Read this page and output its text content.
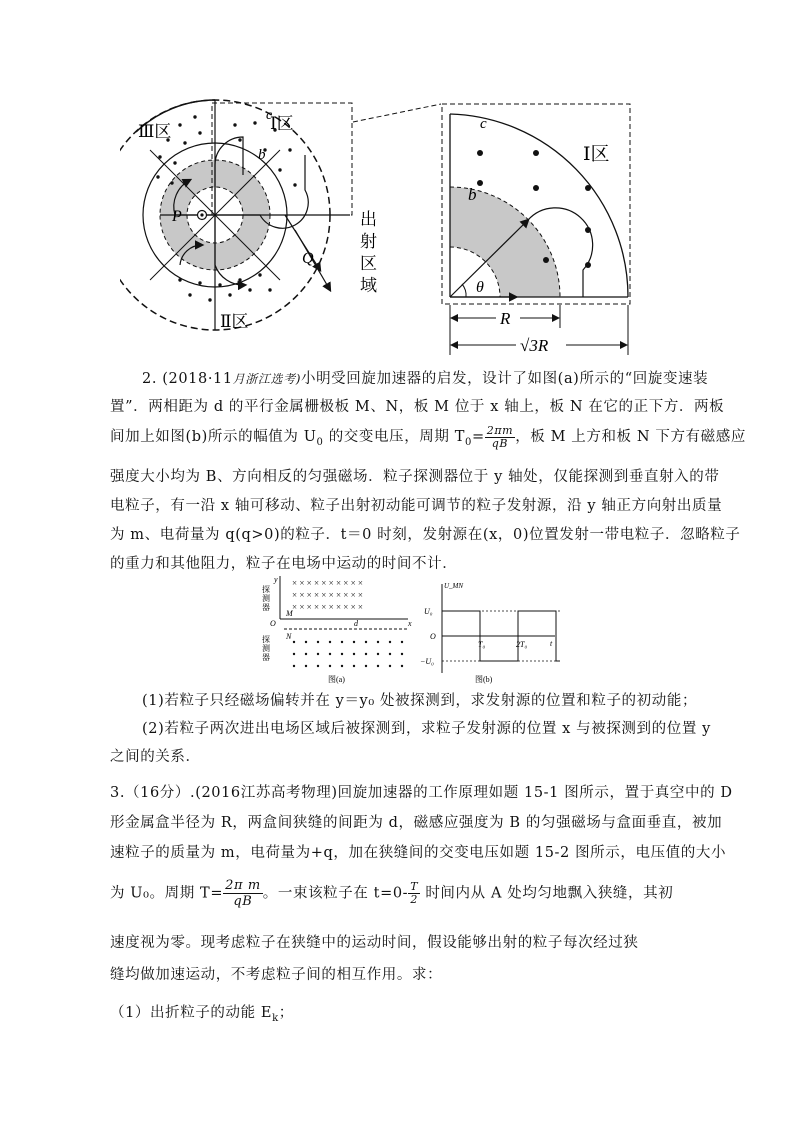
Ⅲ区	Ⅰ区
Ⅱ区
c
b
P
Q
出
射
区
域
c
Ⅰ区
b
θ
R
√3R
2. (2018·11月浙江选考)小明受回旋加速器的启发，设计了如图(a)所示的“回旋变速装
置”．两相距为 d 的平行金属栅极板 M、N，板 M 位于 x 轴上，板 N 在它的正下方．两板
间加上如图(b)所示的幅值为 $U_0$ 的交变电压，周期 $T_0= \frac{2\pi m}{qB}$ ，板 M 上方和板 N 下方有磁感应
强度大小均为 B、方向相反的匀强磁场．粒子探测器位于 y 轴处，仅能探测到垂直射入的带
电粒子，有一沿 x 轴可移动、粒子出射初动能可调节的粒子发射源，沿 y 轴正方向射出质量
为 m、电荷量为 q(q>0)的粒子．t＝0 时刻，发射源在(x，0)位置发射一带电粒子．忽略粒子
的重力和其他阻力，粒子在电场中运动的时间不计．
× × × × × × × × × ×
× × × × × × × × × ×
× × × × × × × × × ×
y
x
O
M
N
d
探
测
器
探
测
器
图(a)
U_MN
U₀
O
−U₀
T₀	2T₀	t
图(b)
(1)若粒子只经磁场偏转并在 y＝y₀ 处被探测到，求发射源的位置和粒子的初动能；
(2)若粒子两次进出电场区域后被探测到，求粒子发射源的位置 x 与被探测到的位置 y
之间的关系．
3.（16分）.(2016江苏高考物理)回旋加速器的工作原理如题 15-1 图所示，置于真空中的 D
形金属盒半径为 R，两盒间狭缝的间距为 d，磁感应强度为 B 的匀强磁场与盒面垂直，被加
速粒子的质量为 m，电荷量为+q，加在狭缝间的交变电压如题 15-2 图所示，电压值的大小
为 U₀。周期 $T= \frac{\text{2π m}}{qB}$ 。一束该粒子在 $t=0- \frac{T}{2}$ 时间内从 A 处均匀地飘入狭缝，其初
速度视为零。现考虑粒子在狭缝中的运动时间，假设能够出射的粒子每次经过狭
缝均做加速运动，不考虑粒子间的相互作用。求：
（1）出折粒子的动能 $E_k$；
